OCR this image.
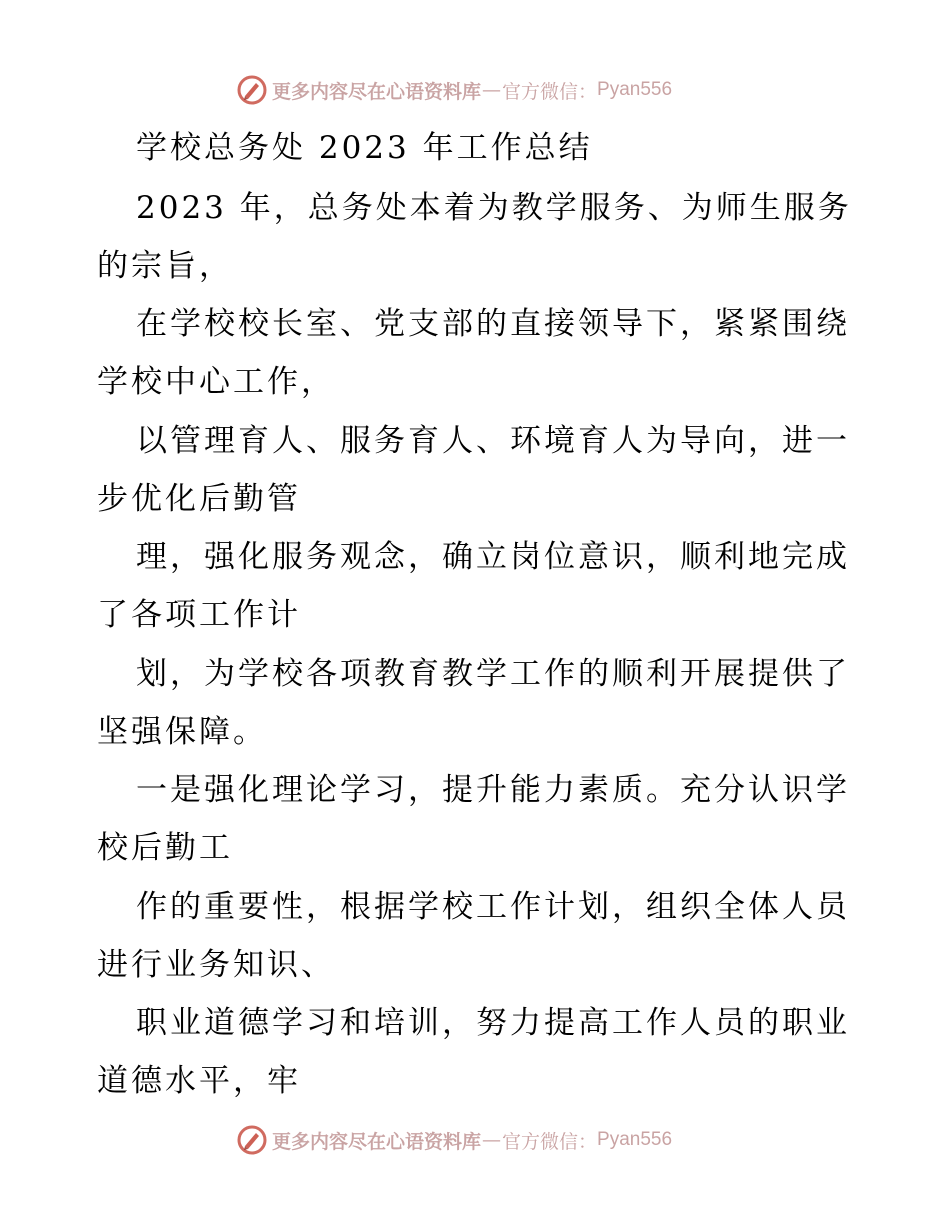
更多内容尽在心语资料库 — 官方微信： Pyan556
学校总务处 2023 年工作总结
2023 年，总务处本着为教学服务、为师生服务
的宗旨，
在学校校长室、党支部的直接领导下，紧紧围绕
学校中心工作，
以管理育人、服务育人、环境育人为导向，进一
步优化后勤管
理，强化服务观念，确立岗位意识，顺利地完成
了各项工作计
划，为学校各项教育教学工作的顺利开展提供了
坚强保障。
一是强化理论学习，提升能力素质。充分认识学
校后勤工
作的重要性，根据学校工作计划，组织全体人员
进行业务知识、
职业道德学习和培训，努力提高工作人员的职业
道德水平，牢
更多内容尽在心语资料库 — 官方微信： Pyan556
